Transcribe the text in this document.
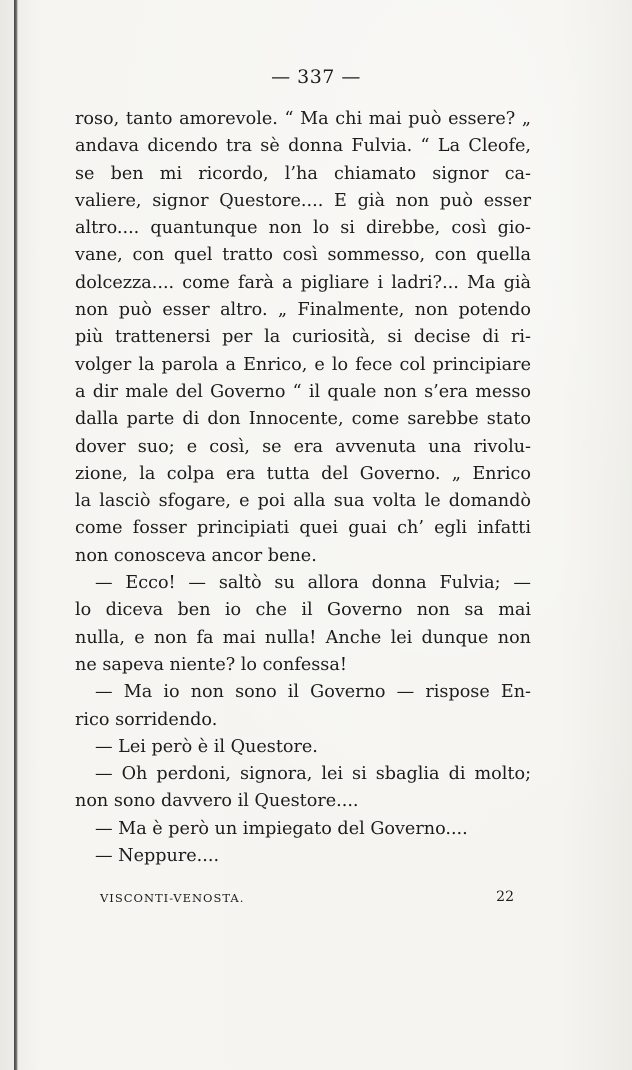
— 337 —
roso, tanto amorevole. “ Ma chi mai può essere? „
andava dicendo tra sè donna Fulvia. “ La Cleofe,
se ben mi ricordo, l’ha chiamato signor ca-
valiere, signor Questore.... E già non può esser
altro.... quantunque non lo si direbbe, così gio-
vane, con quel tratto così sommesso, con quella
dolcezza.... come farà a pigliare i ladri?... Ma già
non può esser altro. „ Finalmente, non potendo
più trattenersi per la curiosità, si decise di ri-
volger la parola a Enrico, e lo fece col principiare
a dir male del Governo “ il quale non s’era messo
dalla parte di don Innocente, come sarebbe stato
dover suo; e così, se era avvenuta una rivolu-
zione, la colpa era tutta del Governo. „ Enrico
la lasciò sfogare, e poi alla sua volta le domandò
come fosser principiati quei guai ch’ egli infatti
non conosceva ancor bene.
— Ecco! — saltò su allora donna Fulvia; —
lo diceva ben io che il Governo non sa mai
nulla, e non fa mai nulla! Anche lei dunque non
ne sapeva niente? lo confessa!
— Ma io non sono il Governo — rispose En-
rico sorridendo.
— Lei però è il Questore.
— Oh perdoni, signora, lei si sbaglia di molto;
non sono davvero il Questore....
— Ma è però un impiegato del Governo....
— Neppure....
VISCONTI-VENOSTA.	22
